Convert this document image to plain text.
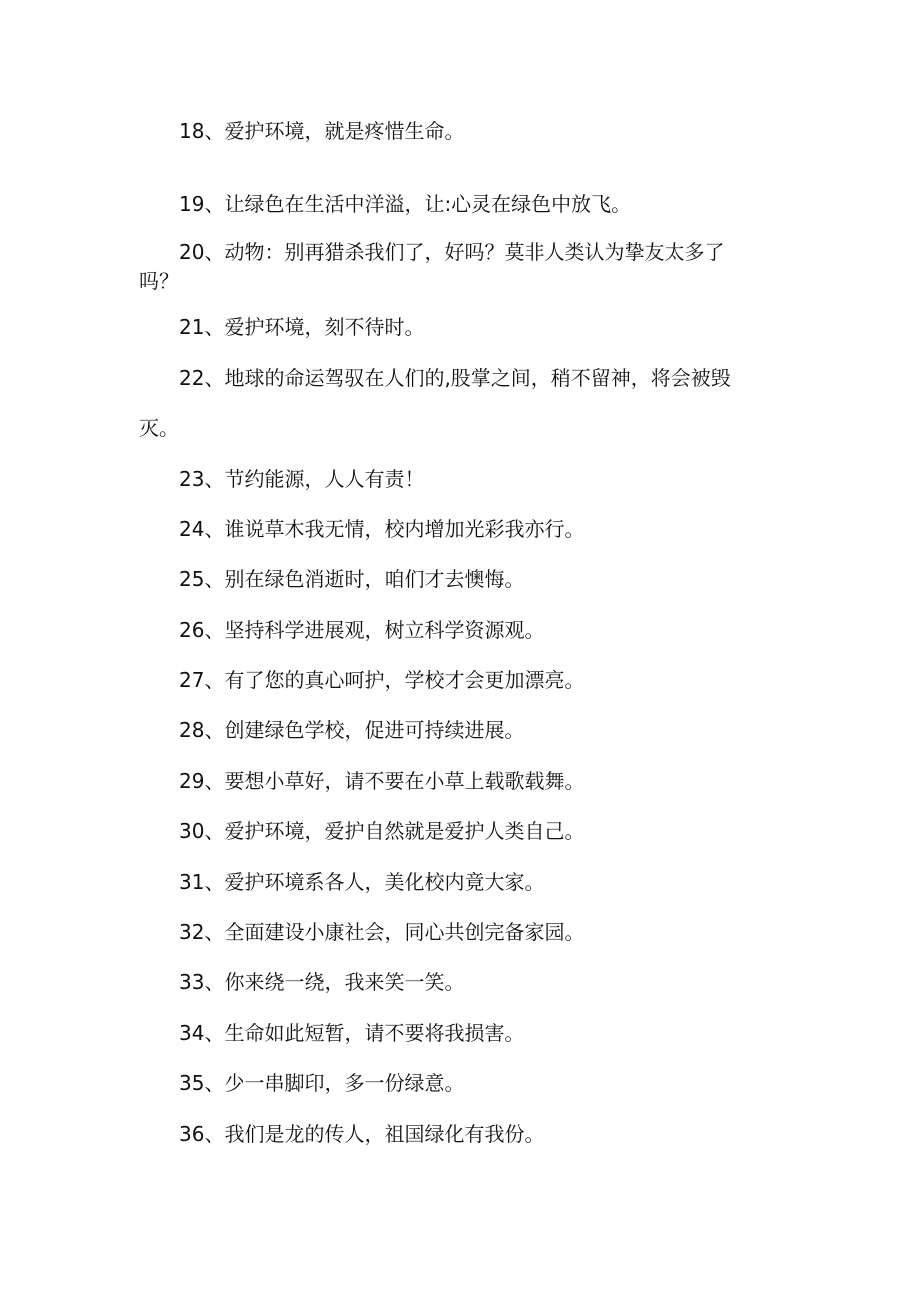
18、爱护环境，就是疼惜生命。
19、让绿色在生活中洋溢，让:心灵在绿色中放飞。
20、动物：别再猎杀我们了，好吗？莫非人类认为挚友太多了
吗？
21、爱护环境，刻不待时。
22、地球的命运驾驭在人们的,股掌之间，稍不留神，将会被毁
灭。
23、节约能源，人人有责！
24、谁说草木我无情，校内增加光彩我亦行。
25、别在绿色消逝时，咱们才去懊悔。
26、坚持科学进展观，树立科学资源观。
27、有了您的真心呵护，学校才会更加漂亮。
28、创建绿色学校，促进可持续进展。
29、要想小草好，请不要在小草上载歌载舞。
30、爱护环境，爱护自然就是爱护人类自己。
31、爱护环境系各人，美化校内竟大家。
32、全面建设小康社会，同心共创完备家园。
33、你来绕一绕，我来笑一笑。
34、生命如此短暂，请不要将我损害。
35、少一串脚印，多一份绿意。
36、我们是龙的传人，祖国绿化有我份。
